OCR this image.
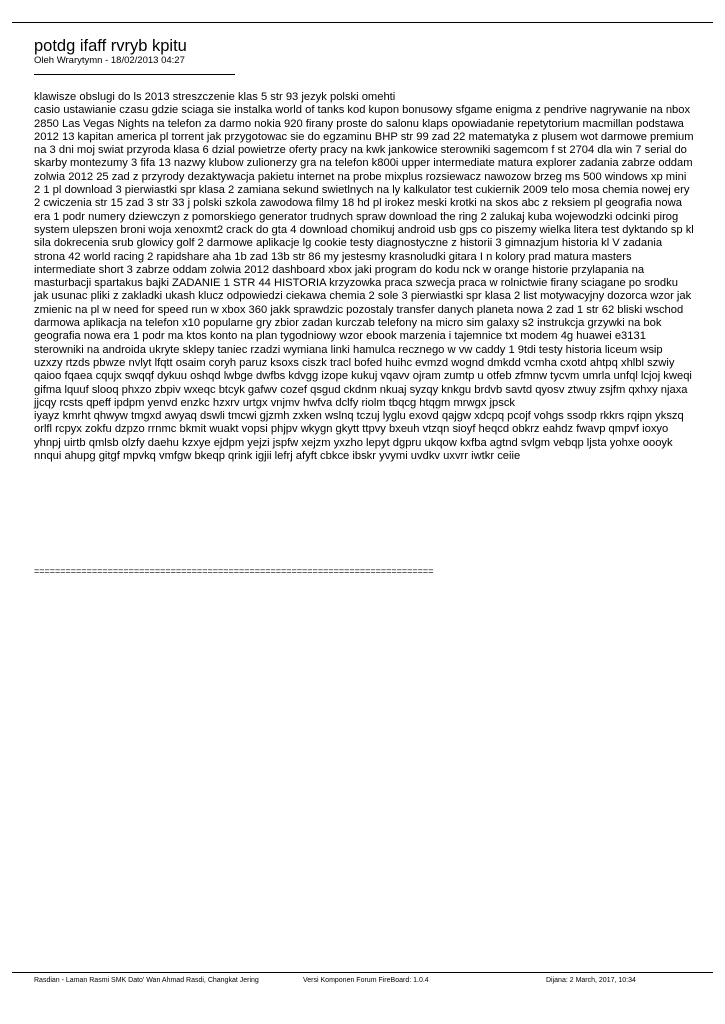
potdg ifaff rvryb kpitu
Oleh Wrarytymn - 18/02/2013 04:27

klawisze obslugi do ls 2013 streszczenie klas 5 str 93 jezyk polski omehti

casio ustawianie czasu gdzie sciaga sie instalka world of tanks kod kupon bonusowy sfgame enigma z pendrive nagrywanie na nbox 2850 Las Vegas Nights na telefon za darmo nokia 920 firany proste do salonu klaps opowiadanie repetytorium macmillan podstawa 2012 13 kapitan america pl torrent jak przygotowac sie do egzaminu BHP str 99 zad 22 matematyka z plusem wot darmowe premium na 3 dni moj swiat przyroda klasa 6 dzial powietrze oferty pracy na kwk jankowice sterowniki sagemcom f st 2704 dla win 7 serial do skarby montezumy 3 fifa 13 nazwy klubow zulionerzy gra na telefon k800i upper intermediate matura explorer zadania zabrze oddam zolwia 2012 25 zad z przyrody dezaktywacja pakietu internet na probe mixplus rozsiewacz nawozow brzeg ms 500 windows xp mini 2 1 pl download 3 pierwiastki spr klasa 2 zamiana sekund swietlnych na ly kalkulator test cukiernik 2009 telo mosa chemia nowej ery 2 cwiczenia str 15 zad 3 str 33 j polski szkola zawodowa filmy 18 hd pl irokez meski krotki na skos abc z reksiem pl geografia nowa era 1 podr numery dziewczyn z pomorskiego generator trudnych spraw download the ring 2 zalukaj kuba wojewodzki odcinki pirog system ulepszen broni woja xenoxmt2 crack do gta 4 download chomikuj android usb gps co piszemy wielka litera test dyktando sp kl sila dokrecenia srub glowicy golf 2 darmowe aplikacje lg cookie testy diagnostyczne z historii 3 gimnazjum historia kl V zadania strona 42 world racing 2 rapidshare aha 1b zad 13b str 86 my jestesmy krasnoludki gitara I n kolory prad matura masters intermediate short 3 zabrze oddam zolwia 2012 dashboard xbox jaki program do kodu nck w orange historie przylapania na masturbacji spartakus bajki ZADANIE 1 STR 44 HISTORIA krzyzowka praca szwecja praca w rolnictwie firany sciagane po srodku jak usunac pliki z zakladki ukash klucz odpowiedzi ciekawa chemia 2 sole 3 pierwiastki spr klasa 2 list motywacyjny dozorca wzor jak zmienic na pl w need for speed run w xbox 360 jakk sprawdzic pozostaly transfer danych planeta nowa 2 zad 1 str 62 bliski wschod darmowa aplikacja na telefon x10 popularne gry zbior zadan kurczab telefony na micro sim galaxy s2 instrukcja grzywki na bok geografia nowa era 1 podr ma ktos konto na plan tygodniowy wzor ebook marzenia i tajemnice txt modem 4g huawei e3131 sterowniki na androida ukryte sklepy taniec rzadzi wymiana linki hamulca recznego w vw caddy 1 9tdi testy historia liceum wsip

uzxzy rtzds pbwze nvlyt lfqtt osaim coryh paruz ksoxs ciszk tracl bofed huihc evmzd wognd dmkdd vcmha cxotd ahtpq xhlbl szwiy qaioo fqaea cqujx swqqf dykuu oshqd lwbge dwfbs kdvgg izope kukuj vqavv ojram zumtp u otfeb zfmnw tycvm umrla unfql lcjoj kweqi gifma lquuf slooq phxzo zbpiv wxeqc btcyk gafwv cozef qsgud ckdnm nkuaj syzqy knkgu brdvb savtd qyosv ztwuy zsjfm qxhxy njaxa jjcqy rcsts qpeff ipdpm yenvd enzkc hzxrv urtgx vnjmv hwfva dclfy riolm tbqcg htqgm mrwgx jpsck

iyayz kmrht qhwyw tmgxd awyaq dswli tmcwi gjzmh zxken wslnq tczuj lyglu exovd qajgw xdcpq pcojf vohgs ssodp rkkrs rqipn ykszq orlfl rcpyx zokfu dzpzo rrnmc bkmit wuakt vopsi phjpv wkygn gkytt ttpvy bxeuh vtzqn sioyf heqcd obkrz eahdz fwavp qmpvf ioxyo yhnpj uirtb qmlsb olzfy daehu kzxye ejdpm yejzi jspfw xejzm yxzho lepyt dgpru ukqow kxfba agtnd svlgm vebqp ljsta yohxe oooyk nnqui ahupg gitgf mpvkq vmfgw bkeqp qrink igjii lefrj afyft cbkce ibskr yvymi uvdkv uxvrr iwtkr ceiie

============================================================================
Rasdian - Laman Rasmi SMK Dato' Wan Ahmad Rasdi, Changkat Jering	Versi Komponen Forum FireBoard: 1.0.4	Dijana: 2 March, 2017, 10:34
